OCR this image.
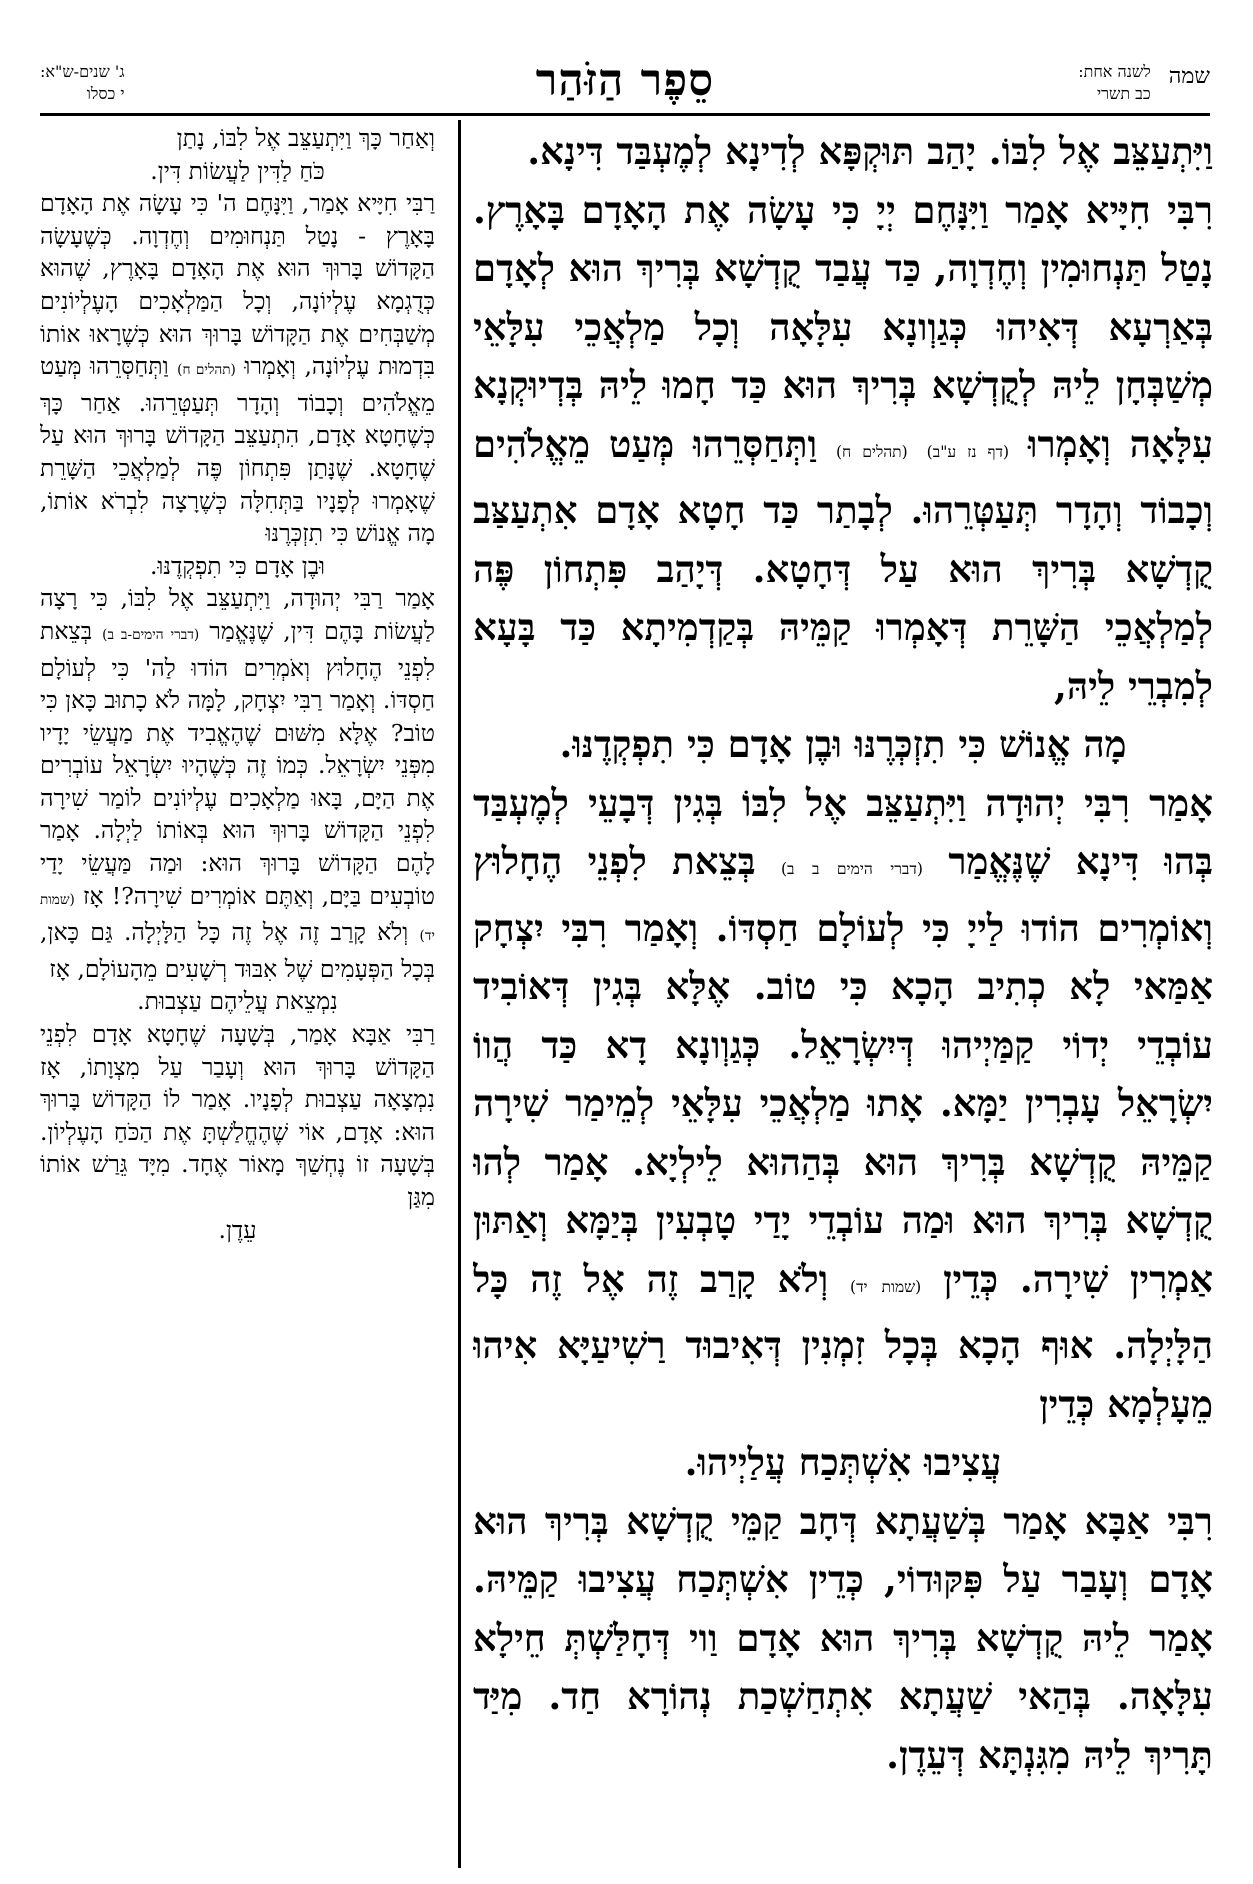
שמה
לשנה אחת:
כב תשרי
סֵפֶר הַזֹּהַר
ג' שנים-ש"א:
י כסלו

וַיִּתְעַצֵּב אֶל לִבּוֹ. יָהַב תּוּקְפָּא לְדִינָא לְמֶעְבַּד דִּינָא.

רִבִּי חִיָּיא אָמַר וַיִּנָּחֶם יְיָ כִּי עָשָׂה אֶת הָאָדָם בָּאָרֶץ. נָטַל תַּנְחוּמִין וְחֶדְוָה, כַּד עֲבַד קֻדְשָׁא בְּרִיךְ הוּא לְאָדָם בְּאַרְעָא דְּאִיהוּ כְּגַוְונָא עִלָּאָה וְכָל מַלְאֲכֵי עִלָּאֵי מְשַׁבְּחָן לֵיהּ לְקֻדְשָׁא בְּרִיךְ הוּא כַּד חָמוּ לֵיהּ בְּדְיוּקְנָא עִלָּאָה וְאָמְרוּ (דף נז ע"ב) (תהלים ח) וַתְּחַסְּרֵהוּ מְּעַט מֵאֱלֹהִים וְכָבוֹד וְהָדָר תְּעַטְּרֵהוּ. לְבָתַר כַּד חָטָא אָדָם אִתְעַצַּב קֻדְשָׁא בְּרִיךְ הוּא עַל דְּחָטָא. דְּיָהַב פִּתְחוֹן פֶּה לְמַלְאֲכֵי הַשָּׁרֵת דְּאָמְרוּ קַמֵּיהּ בְּקַדְמִיתָא כַּד בָּעָא לְמִבְרֵי לֵיהּ,

מָה אֱנוֹשׁ כִּי תִזְכְּרֶנּוּ וּבֶן אָדָם כִּי תִפְקְדֶנּוּ.

אָמַר רִבִּי יְהוּדָה וַיִּתְעַצֵּב אֶל לִבּוֹ בְּגִין דְּבָעֵי לְמֶעְבַּד בְּהוּ דִּינָא שֶׁנֶּאֱמַר (דברי הימים ב ב) בְּצֵאת לִפְנֵי הֶחָלוּץ וְאוֹמְרִים הוֹדוּ לַייָ כִּי לְעוֹלָם חַסְדּוֹ. וְאָמַר רִבִּי יִצְחָק אַמַּאי לָא כְתִיב הָכָא כִּי טוֹב. אֶלָּא בְּגִין דְּאוֹבִיד עוֹבְדֵי יְדוֹי קַמַּיְיהוּ דְּיִשְׂרָאֵל. כְּגַוְונָא דָא כַּד הֲווֹ יִשְׂרָאֵל עָבְרִין יַמָּא. אָתוּ מַלְאֲכֵי עִלָּאֵי לְמֵימַר שִׁירָה קַמֵּיהּ קֻדְשָׁא בְּרִיךְ הוּא בְּהַהוּא לֵילְיָא. אָמַר לְהוּ קֻדְשָׁא בְּרִיךְ הוּא וּמַה עוֹבְדֵי יָדַי טָבְעִין בְּיַמָּא וְאַתּוּן אַמְרִין שִׁירָה. כְּדֵין (שמות יד) וְלֹא קָרַב זֶה אֶל זֶה כָּל הַלָּיְלָה. אוּף הָכָא בְּכָל זִמְנִין דְּאִיבוּד רַשִׁיעַיָּא אִיהוּ מֵעָלְמָא כְּדֵין

עֲצִיבוּ אִשְׁתְּכַח עֲלַיְיהוּ.

רִבִּי אַבָּא אָמַר בְּשַׁעֲתָא דְּחָב קַמֵּי קֻדְשָׁא בְּרִיךְ הוּא אָדָם וְעָבַר עַל פִּקּוּדוֹי, כְּדֵין אִשְׁתְּכַח עֲצִיבוּ קַמֵּיהּ. אָמַר לֵיהּ קֻדְשָׁא בְּרִיךְ הוּא אָדָם וַוי דְּחָלַּשְׁתְּ חֵילָא עִלָּאָה. בְּהַאי שַׁעֲתָא אִתְחַשְׁכַת נְהוֹרָא חַד. מִיַּד תָּרִיךְ לֵיהּ מִגִּנְתָּא דְּעֵדֶן.

וְאַחַר כָּךְ וַיִּתְעַצֵּב אֶל לִבּוֹ, נָתַן

כֹּחַ לַדִּין לַעֲשׂוֹת דִּין.

רַבִּי חִיָּיא אָמַר, וַיִּנָּחֶם ה' כִּי עָשָׂה אֶת הָאָדָם בָּאָרֶץ - נָטַל תַּנְחוּמִים וְחֶדְוָה. כְּשֶׁעָשָׂה הַקָּדוֹשׁ בָּרוּךְ הוּא אֶת הָאָדָם בָּאָרֶץ, שֶׁהוּא כְּדֻגְמָא עֶלְיוֹנָה, וְכָל הַמַּלְאָכִים הָעֶלְיוֹנִים מְשַׁבְּחִים אֶת הַקָּדוֹשׁ בָּרוּךְ הוּא כְּשֶׁרָאוּ אוֹתוֹ בִּדְמוּת עֶלְיוֹנָה, וְאָמְרוּ (תהלים ח) וַתְּחַסְּרֵהוּ מְּעַט מֵאֱלֹהִים וְכָבוֹד וְהָדָר תְּעַטְּרֵהוּ. אַחַר כָּךְ כְּשֶׁחָטָא אָדָם, הִתְעַצֵּב הַקָּדוֹשׁ בָּרוּךְ הוּא עַל שֶׁחָטָא. שֶׁנָּתַן פִּתְחוֹן פֶּה לְמַלְאֲכֵי הַשָּׁרֵת שֶׁאָמְרוּ לְפָנָיו בַּתְּחִלָּה כְּשֶׁרָצָה לִבְרֹא אוֹתוֹ, מָה אֱנוֹשׁ כִּי תִזְכְּרֶנּוּ

וּבֶן אָדָם כִּי תִפְקְדֶנּוּ.

אָמַר רַבִּי יְהוּדָה, וַיִּתְעַצֵּב אֶל לִבּוֹ, כִּי רָצָה לַעֲשׂוֹת בָּהֶם דִּין, שֶׁנֶּאֱמַר (דברי הימים-ב ב) בְּצֵאת לִפְנֵי הֶחָלוּץ וְאֹמְרִים הוֹדוּ לַה' כִּי לְעוֹלָם חַסְדּוֹ. וְאָמַר רַבִּי יִצְחָק, לָמָּה לֹא כָתוּב כָּאן כִּי טוֹב? אֶלָּא מִשּׁוּם שֶׁהֶאֱבִיד אֶת מַעֲשֵׂי יָדָיו מִפְּנֵי יִשְׂרָאֵל. כְּמוֹ זֶה כְּשֶׁהָיוּ יִשְׂרָאֵל עוֹבְרִים אֶת הַיָּם, בָּאוּ מַלְאָכִים עֶלְיוֹנִים לוֹמַר שִׁירָה לִפְנֵי הַקָּדוֹשׁ בָּרוּךְ הוּא בְּאוֹתוֹ לַיְלָה. אָמַר לָהֶם הַקָּדוֹשׁ בָּרוּךְ הוּא: וּמַה מַּעֲשֵׂי יָדַי טוֹבְעִים בַּיָּם, וְאַתֶּם אוֹמְרִים שִׁירָה?! אָז (שמות יד) וְלֹא קָרַב זֶה אֶל זֶה כָּל הַלָּיְלָה. גַּם כָּאן, בְּכָל הַפְּעָמִים שֶׁל אִבּוּד רְשָׁעִים מֵהָעוֹלָם, אָז

נִמְצֵאת עֲלֵיהֶם עַצְבוּת.

רַבִּי אַבָּא אָמַר, בְּשָׁעָה שֶׁחָטָא אָדָם לִפְנֵי הַקָּדוֹשׁ בָּרוּךְ הוּא וְעָבַר עַל מִצְוָתוֹ, אָז נִמְצָאָה עַצְבוּת לְפָנָיו. אָמַר לוֹ הַקָּדוֹשׁ בָּרוּךְ הוּא: אָדָם, אוֹי שֶׁהֶחֱלַשְׁתָּ אֶת הַכֹּחַ הָעֶלְיוֹן. בְּשָׁעָה זוֹ נֶחְשַׁךְ מָאוֹר אֶחָד. מִיָּד גֵּרַשׁ אוֹתוֹ מִגַּן

עֵדֶן.
